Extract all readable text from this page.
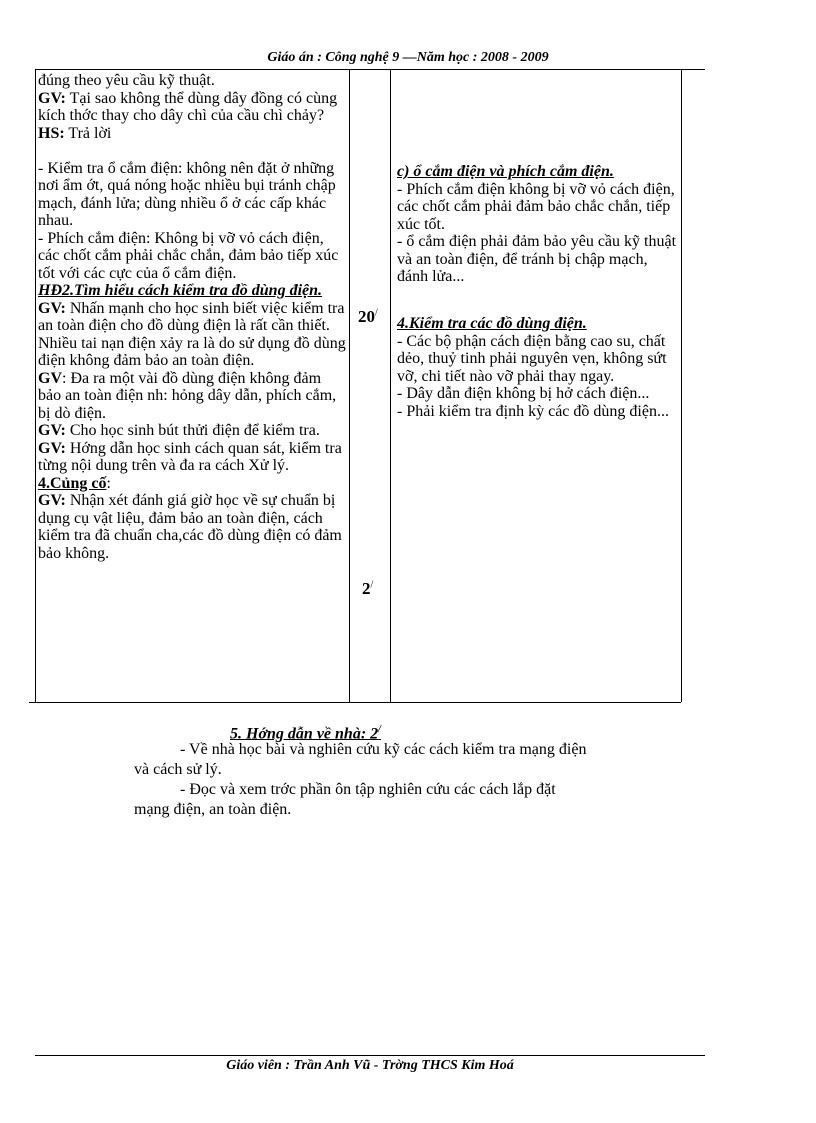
Giáo án : Công nghệ 9 —Năm học : 2008 - 2009

đúng theo yêu cầu kỹ thuật.

GV: Tại sao không thể dùng dây đồng có cùng kích thớc thay cho dây chì của cầu chì chảy?

HS: Trả lời

- Kiểm tra ổ cắm điện: không nên đặt ở những nơi ẩm ớt, quá nóng hoặc nhiều bụi tránh chập mạch, đánh lửa; dùng nhiều ổ ở các cấp khác nhau.

- Phích cắm điện: Không bị vỡ vỏ cách điện, các chốt cắm phải chắc chắn, đảm bảo tiếp xúc tốt với các cực của ổ cắm điện.

HĐ2.Tìm hiểu cách kiểm tra đồ dùng điện.

GV: Nhấn mạnh cho học sinh biết việc kiểm tra an toàn điện cho đồ dùng điện là rất cần thiết. Nhiều tai nạn điện xảy ra là do sử dụng đồ dùng điện không đảm bảo an toàn điện.

GV: Đa ra một vài đồ dùng điện không đảm bảo an toàn điện nh: hỏng dây dẫn, phích cắm, bị dò điện.

GV: Cho học sinh bút thửi điện để kiểm tra.

GV: Hớng dẫn học sinh cách quan sát, kiểm tra từng nội dung trên và đa ra cách Xử lý.

4.Củng cố:

GV: Nhận xét đánh giá giờ học về sự chuẩn bị dụng cụ vật liệu, đảm bảo an toàn điện, cách kiểm tra đã chuẩn cha,các đồ dùng điện có đảm bảo không.

20/
2/

c) ổ cắm điện và phích cắm điện.

- Phích cắm điện không bị vỡ vỏ cách điện, các chốt cắm phải đảm bảo chắc chắn, tiếp xúc tốt.

- ổ cắm điện phải đảm bảo yêu cầu kỹ thuật và an toàn điện, để tránh bị chập mạch, đánh lửa...

4.Kiểm tra các đồ dùng điện.

- Các bộ phận cách điện bằng cao su, chất dẻo, thuỷ tinh phải nguyên vẹn, không sứt vỡ, chi tiết nào vỡ phải thay ngay.

- Dây dẫn điện không bị hở cách điện...

- Phải kiểm tra định kỳ các đồ dùng điện...

5. Hớng dẫn về nhà: 2/
- Về nhà học bài và nghiên cứu kỹ các cách kiểm tra mạng điện
và cách sử lý.
- Đọc và xem trớc phần ôn tập nghiên cứu các cách lắp đặt
mạng điện, an toàn điện.
Giáo viên : Trần Anh Vũ - Trờng THCS Kim Hoá
